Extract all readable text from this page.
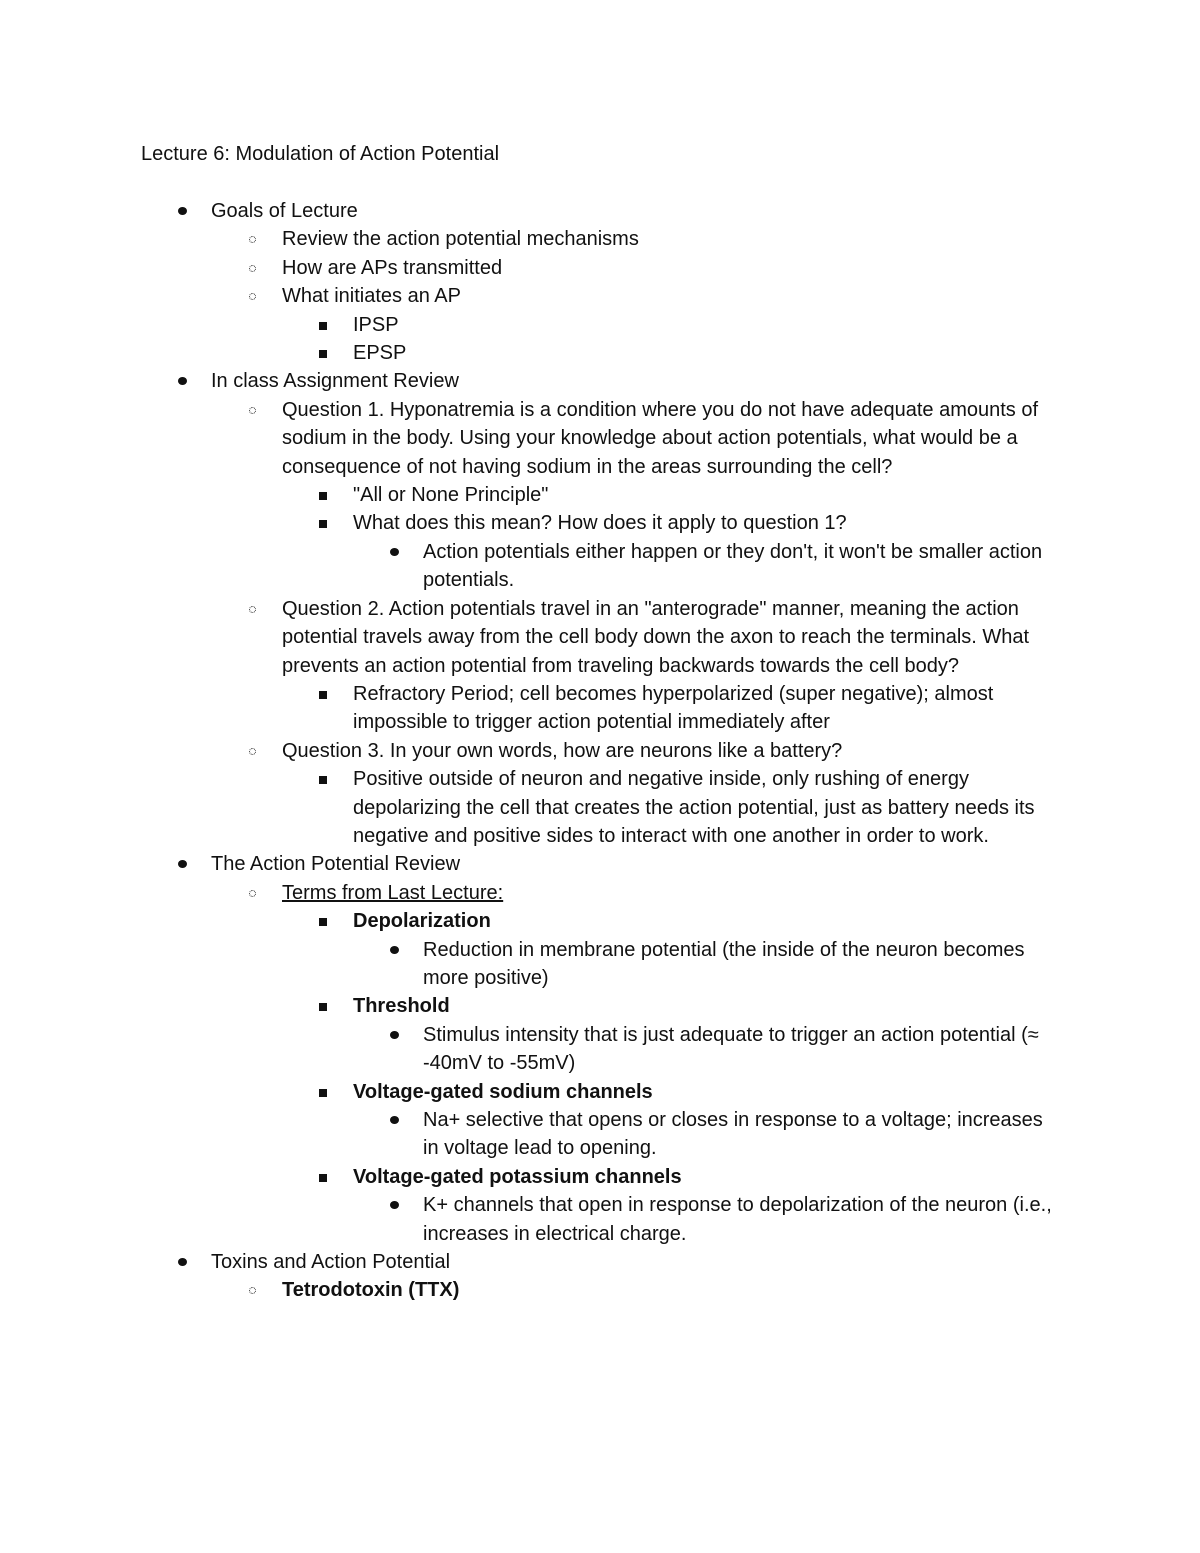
Lecture 6: Modulation of Action Potential
Goals of Lecture
Review the action potential mechanisms
How are APs transmitted
What initiates an AP
IPSP
EPSP
In class Assignment Review
Question 1. Hyponatremia is a condition where you do not have adequate amounts of sodium in the body. Using your knowledge about action potentials, what would be a consequence of not having sodium in the areas surrounding the cell?
"All or None Principle"
What does this mean? How does it apply to question 1?
Action potentials either happen or they don't, it won't be smaller action potentials.
Question 2. Action potentials travel in an "anterograde" manner, meaning the action potential travels away from the cell body down the axon to reach the terminals. What prevents an action potential from traveling backwards towards the cell body?
Refractory Period; cell becomes hyperpolarized (super negative); almost impossible to trigger action potential immediately after
Question 3. In your own words, how are neurons like a battery?
Positive outside of neuron and negative inside, only rushing of energy depolarizing the cell that creates the action potential, just as battery needs its negative and positive sides to interact with one another in order to work.
The Action Potential Review
Terms from Last Lecture:
Depolarization
Reduction in membrane potential (the inside of the neuron becomes more positive)
Threshold
Stimulus intensity that is just adequate to trigger an action potential (≈ -40mV to -55mV)
Voltage-gated sodium channels
Na+ selective that opens or closes in response to a voltage; increases in voltage lead to opening.
Voltage-gated potassium channels
K+ channels that open in response to depolarization of the neuron (i.e., increases in electrical charge.
Toxins and Action Potential
Tetrodotoxin (TTX)
